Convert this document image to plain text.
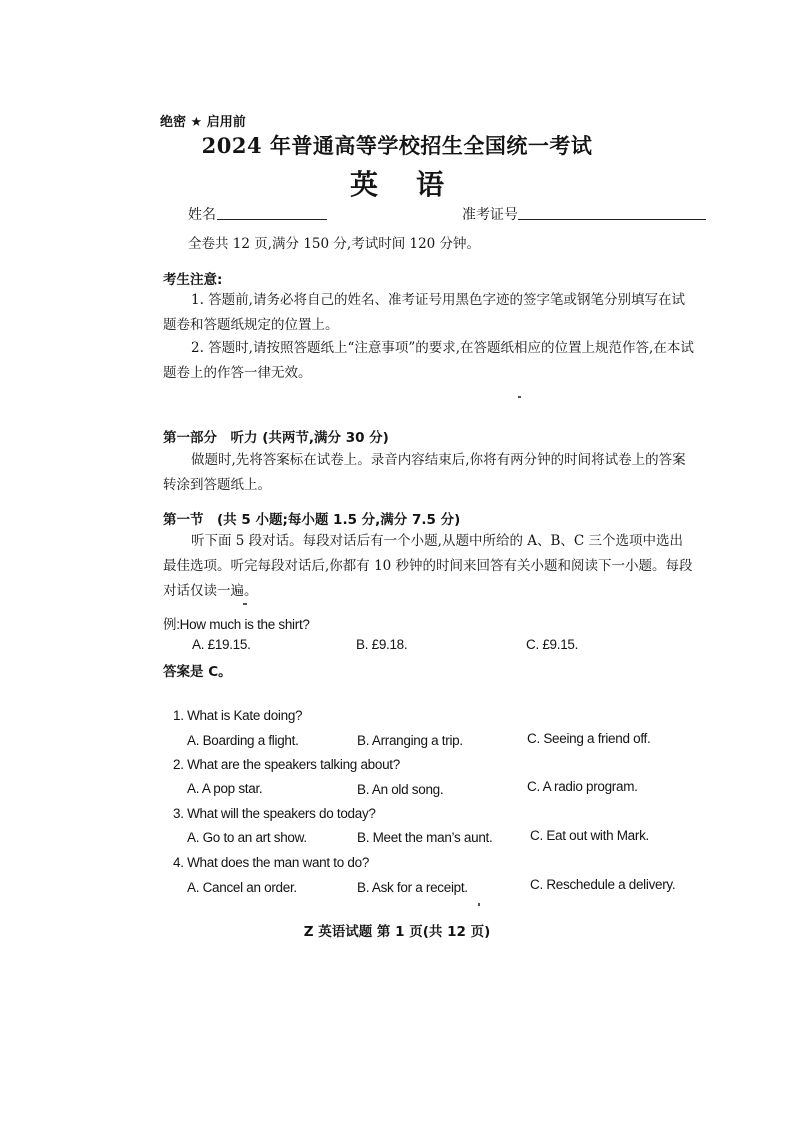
绝密 ★ 启用前
2024 年普通高等学校招生全国统一考试
英语
姓名	准考证号
全卷共 12 页,满分 150 分,考试时间 120 分钟。
考生注意:
1. 答题前,请务必将自己的姓名、准考证号用黑色字迹的签字笔或钢笔分别填写在试题卷和答题纸规定的位置上。
2. 答题时,请按照答题纸上“注意事项”的要求,在答题纸相应的位置上规范作答,在本试题卷上的作答一律无效。
第一部分　听力 (共两节,满分 30 分)
做题时,先将答案标在试卷上。录音内容结束后,你将有两分钟的时间将试卷上的答案转涂到答题纸上。
第一节　(共 5 小题;每小题 1.5 分,满分 7.5 分)
听下面 5 段对话。每段对话后有一个小题,从题中所给的 A、B、C 三个选项中选出最佳选项。听完每段对话后,你都有 10 秒钟的时间来回答有关小题和阅读下一小题。每段对话仅读一遍。
例:How much is the shirt?
A. £19.15.	B. £9.18.	C. £9.15.
答案是 C。
1. What is Kate doing?
A. Boarding a flight.	B. Arranging a trip.	C. Seeing a friend off.
2. What are the speakers talking about?
A. A pop star.	B. An old song.	C. A radio program.
3. What will the speakers do today?
A. Go to an art show.	B. Meet the man’s aunt.	C. Eat out with Mark.
4. What does the man want to do?
A. Cancel an order.	B. Ask for a receipt.	C. Reschedule a delivery.
Z 英语试题 第 1 页(共 12 页)
